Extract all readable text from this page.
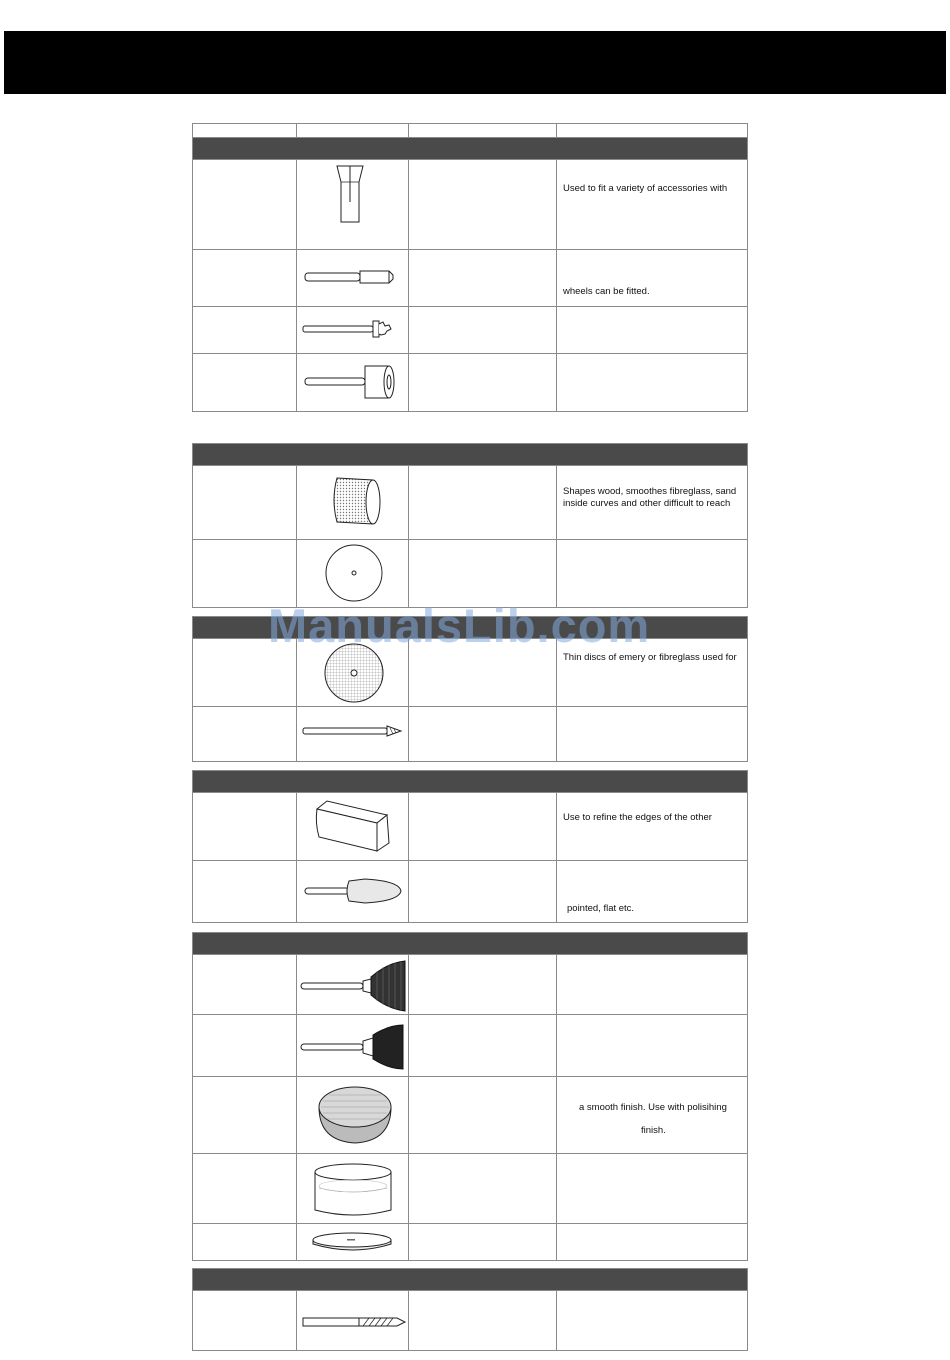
Used to fit a variety of accessories with
wheels can be fitted.
Shapes wood, smoothes fibreglass, sand inside curves and other difficult to reach
Thin discs of emery or fibreglass used for
Use to refine the edges of the other
pointed, flat etc.
a smooth finish. Use with polisihing
finish.
ManualsLib.com
